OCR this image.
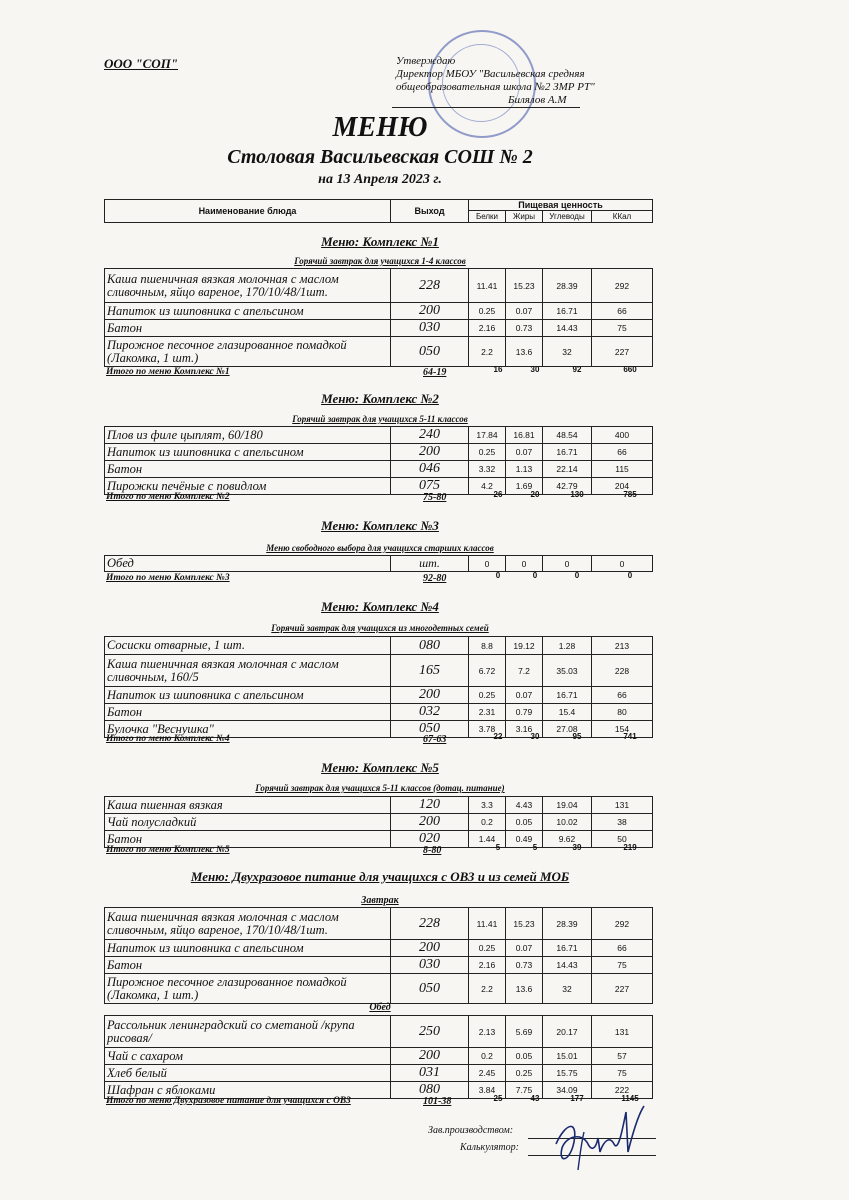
ООО "СОП"	Утверждаю
Директор МБОУ "Васильевская средняя
общеобразовательная школа №2 ЗМР РТ"
Билялов А.М
МЕНЮ
Столовая Васильевская СОШ № 2
на 13 Апреля 2023 г.
Наименование блюда	Выход	Пищевая ценность			
		Белки	Жиры	Углеводы	ККал
Меню: Комплекс №1
Горячий завтрак для учащихся 1-4 классов
Каша пшеничная вязкая молочная с маслом сливочным, яйцо вареное, 170/10/48/1шт.	228	11.41	15.23	28.39	292
Напиток из шиповника с апельсином	200	0.25	0.07	16.71	66
Батон	030	2.16	0.73	14.43	75
Пирожное песочное глазированное помадкой (Лакомка, 1 шт.)	050	2.2	13.6	32	227
Итого по меню Комплекс №1	64-19	16	30	92	660
Меню: Комплекс №2
Горячий завтрак для учащихся 5-11 классов
Плов из филе цыплят, 60/180	240	17.84	16.81	48.54	400
Напиток из шиповника с апельсином	200	0.25	0.07	16.71	66
Батон	046	3.32	1.13	22.14	115
Пирожки печёные с повидлом	075	4.2	1.69	42.79	204
Итого по меню Комплекс №2	75-80	26	20	130	785
Меню: Комплекс №3
Меню свободного выбора для учащихся старших классов
Обед	шт.	0	0	0	0
Итого по меню Комплекс №3	92-80	0	0	0	0
Меню: Комплекс №4
Горячий завтрак для учащихся из многодетных семей
Сосиски отварные, 1 шт.	080	8.8	19.12	1.28	213
Каша пшеничная вязкая молочная с маслом сливочным, 160/5	165	6.72	7.2	35.03	228
Напиток из шиповника с апельсином	200	0.25	0.07	16.71	66
Батон	032	2.31	0.79	15.4	80
Булочка "Веснушка"	050	3.78	3.16	27.08	154
Итого по меню Комплекс №4	67-63	22	30	95	741
Меню: Комплекс №5
Горячий завтрак для учащихся 5-11 классов (дотац. питание)
Каша пшенная вязкая	120	3.3	4.43	19.04	131
Чай полусладкий	200	0.2	0.05	10.02	38
Батон	020	1.44	0.49	9.62	50
Итого по меню Комплекс №5	8-80	5	5	39	219
Меню: Двухразовое питание для учащихся с ОВЗ и из семей МОБ
Завтрак
Каша пшеничная вязкая молочная с маслом сливочным, яйцо вареное, 170/10/48/1шт.	228	11.41	15.23	28.39	292
Напиток из шиповника с апельсином	200	0.25	0.07	16.71	66
Батон	030	2.16	0.73	14.43	75
Пирожное песочное глазированное помадкой (Лакомка, 1 шт.)	050	2.2	13.6	32	227
Обед
Рассольник ленинградский со сметаной /крупа рисовая/	250	2.13	5.69	20.17	131
Чай с сахаром	200	0.2	0.05	15.01	57
Хлеб белый	031	2.45	0.25	15.75	75
Шафран с яблоками	080	3.84	7.75	34.09	222
Итого по меню Двухразовое питание для учащихся с ОВЗ	101-38	25	43	177	1145
Зав.производством:
Калькулятор:
